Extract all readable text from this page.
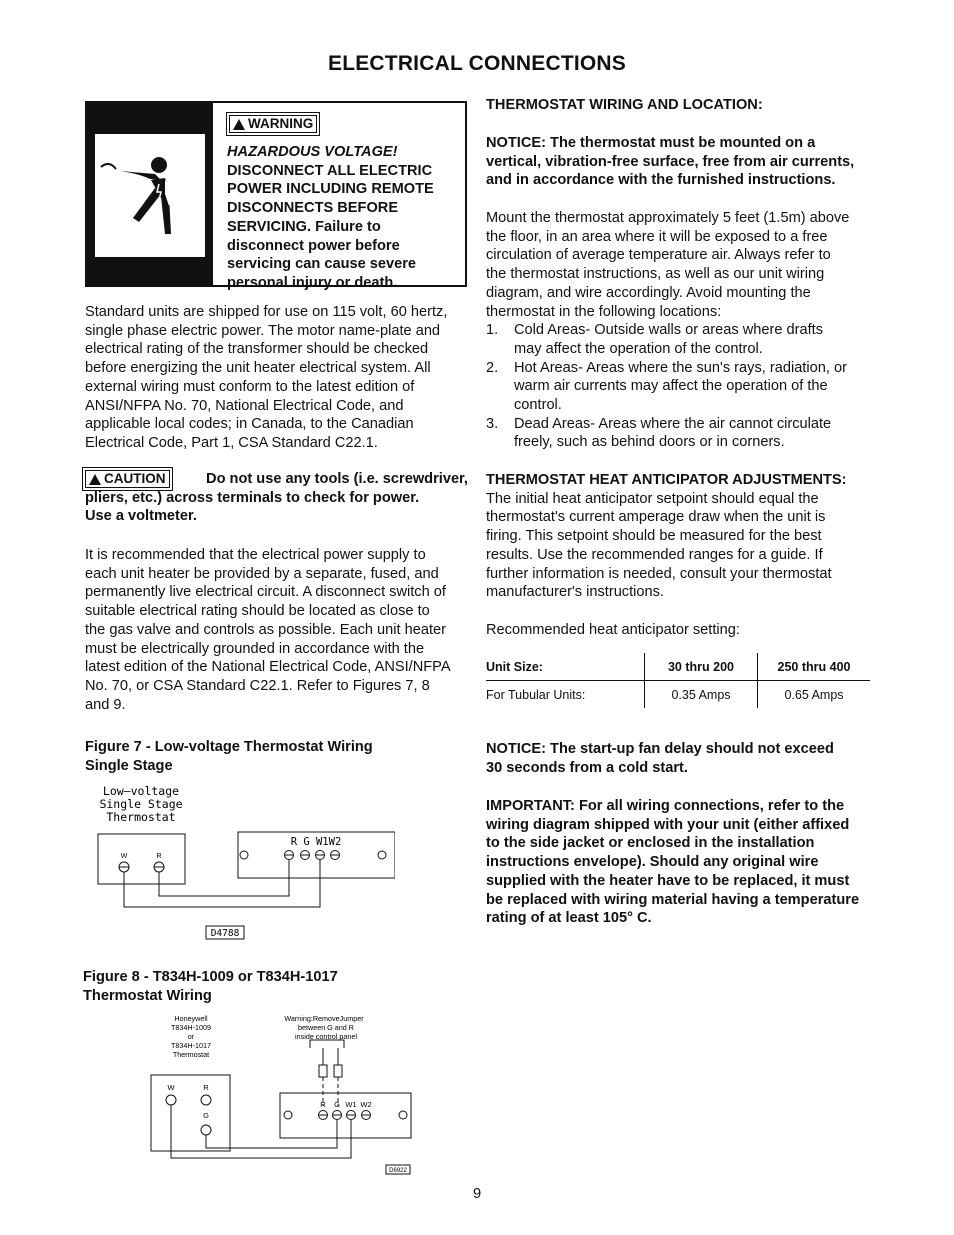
ELECTRICAL CONNECTIONS
WARNING
HAZARDOUS VOLTAGE!
DISCONNECT ALL ELECTRIC
POWER INCLUDING REMOTE
DISCONNECTS BEFORE
SERVICING. Failure to
disconnect power before
servicing can cause severe
personal injury or death.
Standard units are shipped for use on 115 volt, 60 hertz,
single phase electric power. The motor name-plate and
electrical rating of the transformer should be checked
before energizing the unit heater electrical system. All
external wiring must conform to the latest edition of
ANSI/NFPA No. 70, National Electrical Code, and
applicable local codes; in Canada, to the Canadian
Electrical Code, Part 1, CSA Standard C22.1.
CAUTION	Do not use any tools (i.e. screwdriver,
pliers, etc.) across terminals to check for power.
Use a voltmeter.
It is recommended that the electrical power supply to
each unit heater be provided by a separate, fused, and
permanently live electrical circuit. A disconnect switch of
suitable electrical rating should be located as close to
the gas valve and controls as possible. Each unit heater
must be electrically grounded in accordance with the
latest edition of the National Electrical Code, ANSI/NFPA
No. 70, or CSA Standard C22.1. Refer to Figures 7, 8
and 9.
Figure 7 - Low-voltage Thermostat Wiring
Single Stage
Low—voltage
Single Stage
Thermostat
W	R
R G W1W2
D4788
Figure 8 - T834H-1009 or T834H-1017
Thermostat Wiring
Honeywell
T834H-1009
or
T834H-1017
Thermostat
Warning:RemoveJumper
between G and R
inside control panel
W	R
G
R G W1 W2
D6922
THERMOSTAT WIRING AND LOCATION:
NOTICE: The thermostat must be mounted on a
vertical, vibration-free surface, free from air currents,
and in accordance with the furnished instructions.
Mount the thermostat approximately 5 feet (1.5m) above
the floor, in an area where it will be exposed to a free
circulation of average temperature air. Always refer to
the thermostat instructions, as well as our unit wiring
diagram, and wire accordingly. Avoid mounting the
thermostat in the following locations:
1. Cold Areas- Outside walls or areas where drafts
may affect the operation of the control.
2. Hot Areas- Areas where the sun's rays, radiation, or
warm air currents may affect the operation of the
control.
3. Dead Areas- Areas where the air cannot circulate
freely, such as behind doors or in corners.
THERMOSTAT HEAT ANTICIPATOR ADJUSTMENTS:
The initial heat anticipator setpoint should equal the
thermostat's current amperage draw when the unit is
firing. This setpoint should be measured for the best
results. Use the recommended ranges for a guide. If
further information is needed, consult your thermostat
manufacturer's instructions.
Recommended heat anticipator setting:
Unit Size:	30 thru 200	250 thru 400
For Tubular Units:	0.35 Amps	0.65 Amps
NOTICE: The start-up fan delay should not exceed
30 seconds from a cold start.
IMPORTANT: For all wiring connections, refer to the
wiring diagram shipped with your unit (either affixed
to the side jacket or enclosed in the installation
instructions envelope). Should any original wire
supplied with the heater have to be replaced, it must
be replaced with wiring material having a temperature
rating of at least 105° C.
9
